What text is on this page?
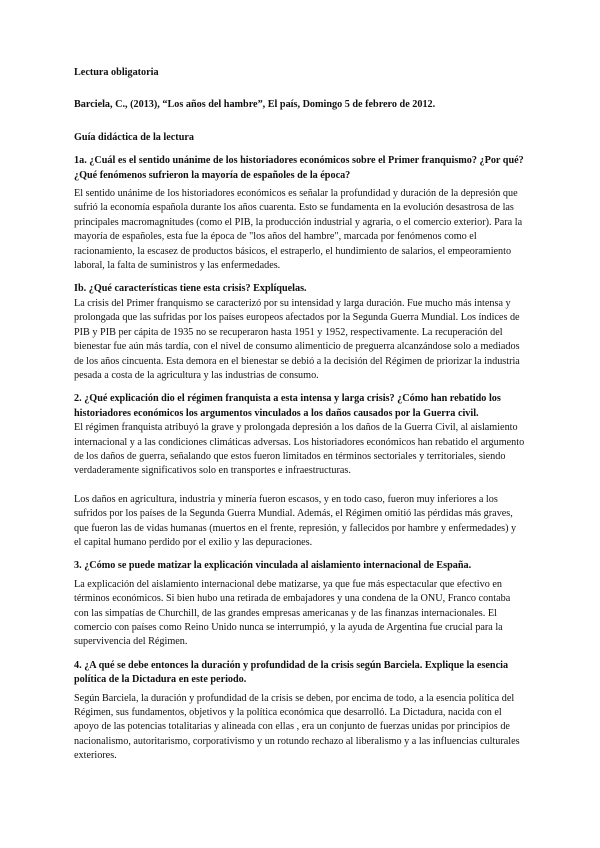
Lectura obligatoria

Barciela, C., (2013), “Los años del hambre”, El país, Domingo 5 de febrero de 2012.

Guía didáctica de la lectura

1a. ¿Cuál es el sentido unánime de los historiadores económicos sobre el Primer franquismo? ¿Por qué? ¿Qué fenómenos sufrieron la mayoría de españoles de la época?

El sentido unánime de los historiadores económicos es señalar la profundidad y duración de la depresión que sufrió la economía española durante los años cuarenta. Esto se fundamenta en la evolución desastrosa de las principales macromagnitudes (como el PIB, la producción industrial y agraria, o el comercio exterior). Para la mayoría de españoles, esta fue la época de "los años del hambre", marcada por fenómenos como el racionamiento, la escasez de productos básicos, el estraperlo, el hundimiento de salarios, el empeoramiento laboral, la falta de suministros y las enfermedades.

Ib. ¿Qué características tiene esta crisis? Explíquelas.

La crisis del Primer franquismo se caracterizó por su intensidad y larga duración. Fue mucho más intensa y prolongada que las sufridas por los países europeos afectados por la Segunda Guerra Mundial. Los índices de PIB y PIB per cápita de 1935 no se recuperaron hasta 1951 y 1952, respectivamente. La recuperación del bienestar fue aún más tardía, con el nivel de consumo alimenticio de preguerra alcanzándose solo a mediados de los años cincuenta. Esta demora en el bienestar se debió a la decisión del Régimen de priorizar la industria pesada a costa de la agricultura y las industrias de consumo.

2. ¿Qué explicación dio el régimen franquista a esta intensa y larga crisis? ¿Cómo han rebatido los historiadores económicos los argumentos vinculados a los daños causados por la Guerra civil.

El régimen franquista atribuyó la grave y prolongada depresión a los daños de la Guerra Civil, al aislamiento internacional y a las condiciones climáticas adversas. Los historiadores económicos han rebatido el argumento de los daños de guerra, señalando que estos fueron limitados en términos sectoriales y territoriales, siendo verdaderamente significativos solo en transportes e infraestructuras.

Los daños en agricultura, industria y minería fueron escasos, y en todo caso, fueron muy inferiores a los sufridos por los países de la Segunda Guerra Mundial. Además, el Régimen omitió las pérdidas más graves, que fueron las de vidas humanas (muertos en el frente, represión, y fallecidos por hambre y enfermedades) y el capital humano perdido por el exilio y las depuraciones.

3. ¿Cómo se puede matizar la explicación vinculada al aislamiento internacional de España.

La explicación del aislamiento internacional debe matizarse, ya que fue más espectacular que efectivo en términos económicos. Si bien hubo una retirada de embajadores y una condena de la ONU, Franco contaba con las simpatías de Churchill, de las grandes empresas americanas y de las finanzas internacionales. El comercio con países como Reino Unido nunca se interrumpió, y la ayuda de Argentina fue crucial para la supervivencia del Régimen.

4. ¿A qué se debe entonces la duración y profundidad de la crisis según Barciela. Explique la esencia política de la Dictadura en este periodo.

Según Barciela, la duración y profundidad de la crisis se deben, por encima de todo, a la esencia política del Régimen, sus fundamentos, objetivos y la política económica que desarrolló. La Dictadura, nacida con el apoyo de las potencias totalitarias y alineada con ellas , era un conjunto de fuerzas unidas por principios de nacionalismo, autoritarismo, corporativismo y un rotundo rechazo al liberalismo y a las influencias culturales exteriores.
